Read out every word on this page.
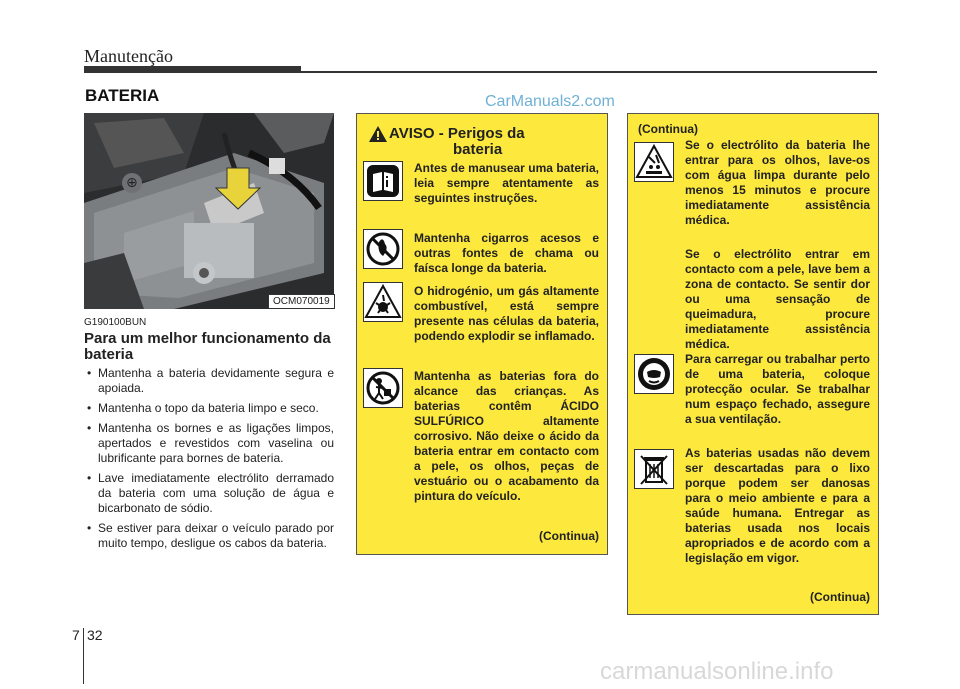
Manutenção
BATERIA	CarManuals2.com
⊕
OCM070019
G190100BUN
Para um melhor funcionamento da bateria
• Mantenha a bateria devidamente segura e apoiada.
• Mantenha o topo da bateria limpo e seco.
• Mantenha os bornes e as ligações limpos, apertados e revestidos com vaselina ou lubrificante para bornes de bateria.
• Lave imediatamente electrólito derramado da bateria com uma solução de água e bicarbonato de sódio.
• Se estiver para deixar o veículo parado por muito tempo, desligue os cabos da bateria.
AVISO - Perigos da
bateria

Antes de manusear uma bateria, leia sempre atentamente as seguintes instruções.

Mantenha cigarros acesos e outras fontes de chama ou faísca longe da bateria.

O hidrogénio, um gás altamente combustível, está sempre presente nas células da bateria, podendo explodir se inflamado.

Mantenha as baterias fora do alcance das crianças. As baterias contêm ÁCIDO SULFÚRICO altamente corrosivo. Não deixe o ácido da bateria entrar em contacto com a pele, os olhos, peças de vestuário ou o acabamento da pintura do veículo.

(Continua)
(Continua)

Se o electrólito da bateria lhe entrar para os olhos, lave-os com água limpa durante pelo menos 15 minutos e procure imediatamente assistência médica.

Se o electrólito entrar em contacto com a pele, lave bem a zona de contacto. Se sentir dor ou uma sensação de queimadura, procure imediatamente assistência médica.

Para carregar ou trabalhar perto de uma bateria, coloque protecção ocular. Se trabalhar num espaço fechado, assegure a sua ventilação.

As baterias usadas não devem ser descartadas para o lixo porque podem ser danosas para o meio ambiente e para a saúde humana. Entregar as baterias usada nos locais apropriados e de acordo com a legislação em vigor.

(Continua)
7 32
carmanualsonline.info
